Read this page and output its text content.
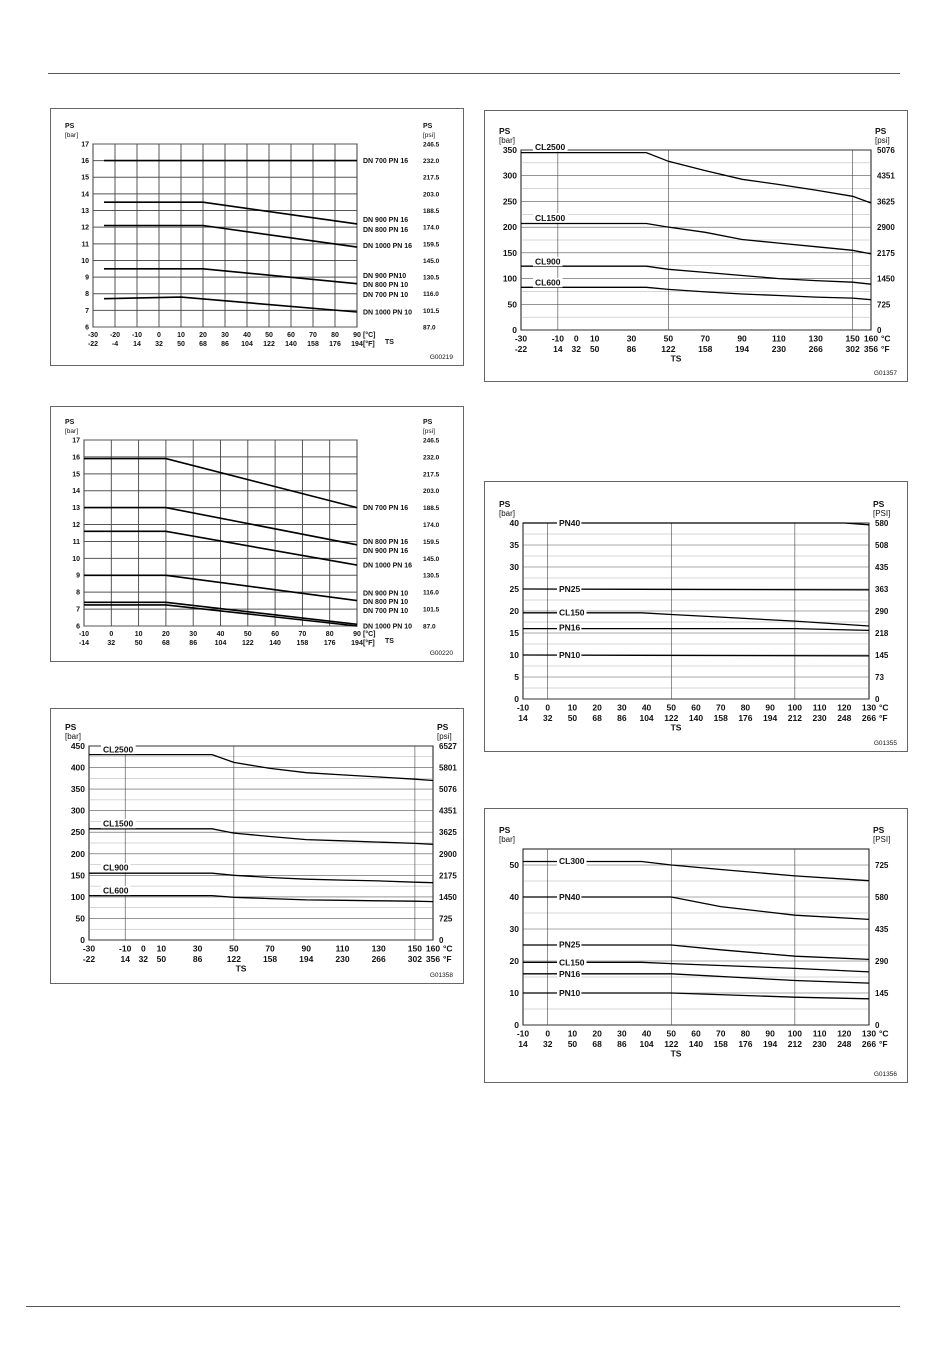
6
7
8
9
10
11
12
13
14
15
16
17
87.0
101.5
116.0
130.5
145.0
159.5
174.0
188.5
203.0
217.5
232.0
246.5
-30 -20 -10 0 10 20 30 40 50 60 70 80 90
-22 -4 14 32 50 68 86 104 122 140 158 176 194
[°C]
[°F]
PS
[bar]
PS
[psi]
TS
G00219
DN 700 PN 16
DN 900 PN 16
DN 800 PN 16
DN 1000 PN 16
DN 900 PN10
DN 800 PN 10
DN 700 PN 10
DN 1000 PN 10
6
7
8
9
10
11
12
13
14
15
16
17
87.0
101.5
116.0
130.5
145.0
159.5
174.0
188.5
203.0
217.5
232.0
246.5
-10	0	10	20	30	40	50	60	70	80	90
-14	32	50	68	86	104 122 140 158 176 194
[°C]
[°F]
PS
[bar]
PS
[psi]
TS
G00220
DN 700 PN 16
DN 800 PN 16
DN 900 PN 16
DN 1000 PN 16
DN 900 PN 10
DN 800 PN 10
DN 700 PN 10
DN 1000 PN 10
0
50
100
150
200
250
300
350
400
450
0
725
1450
2175
2900
3625
4351
5076
5801
6527
-30	-10 0 10	30	50	70	90	110	130	150 160
-22	14 32 50	86	122	158	194	230	266	302 356
°C
°F
PS
[bar]
PS
[psi]
TS
G01358
CL2500
CL1500
CL900
CL600
0
50
100
150
200
250
300
350
0
725
1450
2175
2900
3625
4351
5076
-30	-10 0 10	30	50	70	90	110	130	150 160
-22	14 32 50	86	122	158	194	230	266	302 356
°C
°F
PS
[bar]
PS
[psi]
TS
G01357
CL2500
CL1500
CL900
CL600
0
5
10
15
20
25
30
35
40
0
73
145
218
290
363
435
508
580
-10 0 10 20 30 40 50 60 70 80 90 100 110 120 130
14 32 50 68 86 104 122 140 158 176 194 212 230 248 266
°C
°F
PS
[bar]
PS
[PSI]
TS
G01355
PN40
PN25
CL150
PN16
PN10
0
10
20
30
40
50
0
145
290
435
580
725
-10 0 10 20 30 40 50 60 70 80 90 100 110 120 130
14 32 50 68 86 104 122 140 158 176 194 212 230 248 266
°C
°F
PS
[bar]
PS
[PSI]
TS
G01356
CL300
PN40
PN25
CL150
PN16
PN10
